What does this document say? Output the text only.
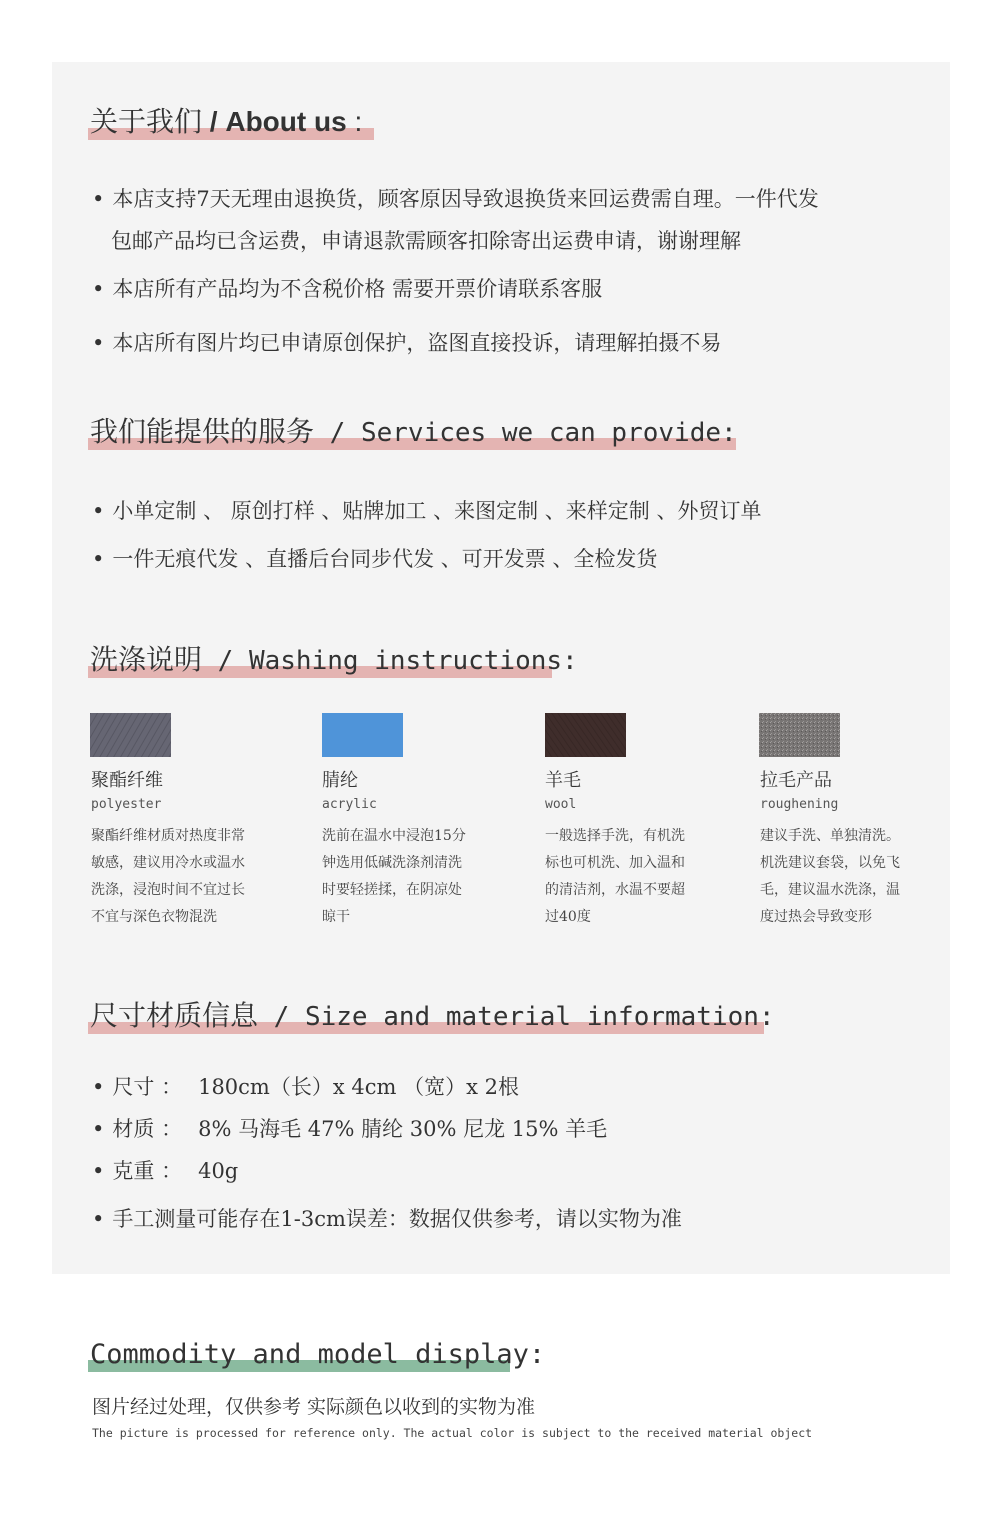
关于我们 / About us :
• 本店支持7天无理由退换货，顾客原因导致退换货来回运费需自理。一件代发
包邮产品均已含运费，申请退款需顾客扣除寄出运费申请，谢谢理解
• 本店所有产品均为不含税价格 需要开票价请联系客服
• 本店所有图片均已申请原创保护，盗图直接投诉，请理解拍摄不易
我们能提供的服务 / Services we can provide:
• 小单定制 、 原创打样 、贴牌加工 、来图定制 、来样定制 、外贸订单
• 一件无痕代发 、直播后台同步代发 、可开发票 、全检发货
洗涤说明 / Washing instructions:
聚酯纤维
polyester
聚酯纤维材质对热度非常
敏感，建议用冷水或温水
洗涤，浸泡时间不宜过长
不宜与深色衣物混洗
腈纶
acrylic
洗前在温水中浸泡15分
钟选用低碱洗涤剂清洗
时要轻搓揉，在阴凉处
晾干
羊毛
wool
一般选择手洗，有机洗
标也可机洗、加入温和
的清洁剂，水温不要超
过40度
拉毛产品
roughening
建议手洗、单独清洗。
机洗建议套袋，以免飞
毛，建议温水洗涤，温
度过热会导致变形
尺寸材质信息 / Size and material information:
• 尺寸 ： 180cm（长）x 4cm （宽）x 2根
• 材质 ： 8% 马海毛 47% 腈纶 30% 尼龙 15% 羊毛
• 克重 ： 40g
• 手工测量可能存在1-3cm误差：数据仅供参考，请以实物为准
Commodity and model display:
图片经过处理，仅供参考 实际颜色以收到的实物为准
The picture is processed for reference only. The actual color is subject to the received material object
